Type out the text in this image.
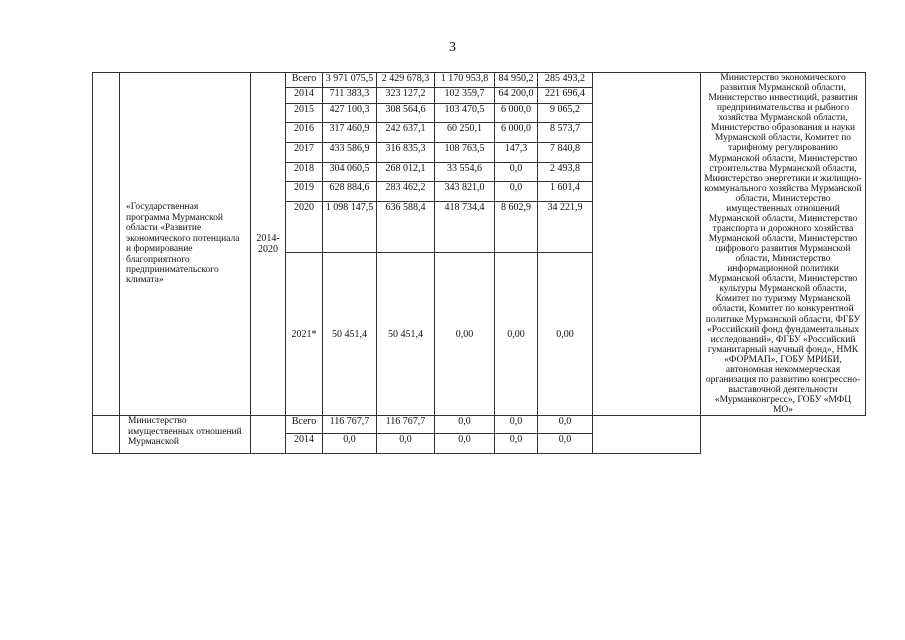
3
	«Государственная программа Мурманской области «Развитие экономического потенциала и формирование благоприятного предпринимательского климата»	2014-2020	Всего	3 971 075,5	2 429 678,3	1 170 953,8	84 950,2	285 493,2		Министерство экономического развития Мурманской области, Министерство инвестиций, развития предпринимательства и рыбного хозяйства Мурманской области, Министерство образования и науки Мурманской области, Комитет по тарифному регулированию Мурманской области, Министерство строительства Мурманской области, Министерство энергетики и жилищно-коммунального хозяйства Мурманской области, Министерство имущественных отношений Мурманской области, Министерство транспорта и дорожного хозяйства Мурманской области, Министерство цифрового развития Мурманской области, Министерство информационной политики Мурманской области, Министерство культуры Мурманской области, Комитет по туризму Мурманской области, Комитет по конкурентной политике Мурманской области, ФГБУ «Российский фонд фундаментальных исследований», ФГБУ «Российский гуманитарный научный фонд», НМК «ФОРМАП», ГОБУ МРИБИ, автономная некоммерческая организация по развитию конгрессно-выставочной деятельности «Мурманконгресс», ГОБУ «МФЦ МО»
			2014	711 383,3	323 127,2	102 359,7	64 200,0	221 696,4		
			2015	427 100,3	308 564,6	103 470,5	6 000,0	9 065,2		
			2016	317 460,9	242 637,1	60 250,1	6 000,0	8 573,7		
			2017	433 586,9	316 835,3	108 763,5	147,3	7 840,8		
			2018	304 060,5	268 012,1	33 554,6	0,0	2 493,8		
			2019	628 884,6	283 462,2	343 821,0	0,0	1 601,4		
			2020	1 098 147,5	636 588,4	418 734,4	8 602,9	34 221,9		
			2021*	50 451,4	50 451,4	0,00	0,00	0,00		
	Министерство имущественных отношений Мурманской		Всего	116 767,7	116 767,7	0,0	0,0	0,0		
			2014	0,0	0,0	0,0	0,0	0,0		
